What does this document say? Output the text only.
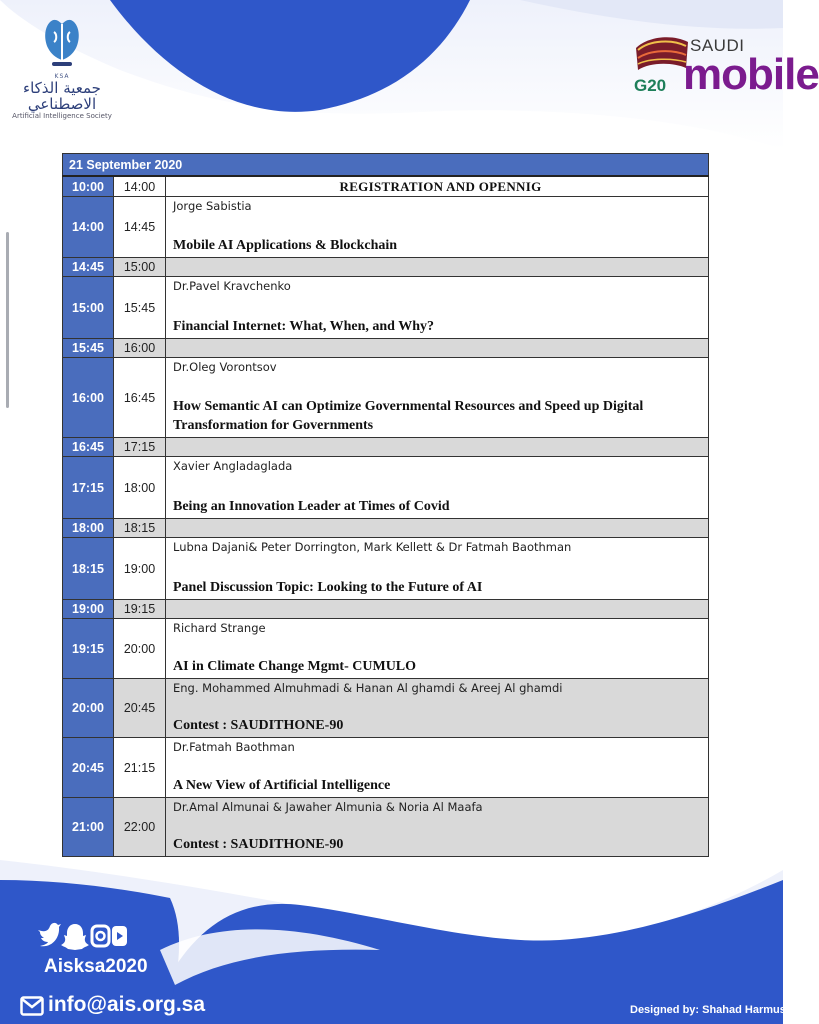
KSA
جمعية الذكاء الاصطناعي
Artificial Intelligence Society
SAUDI
mobile
G20
21 September 2020		
10:00	14:00	REGISTRATION AND OPENNIG

14:00	14:45	Jorge Sabistia
Mobile AI Applications & Blockchain

14:45	15:00	
15:00	15:45	Dr.Pavel Kravchenko
Financial Internet: What, When, and Why?

15:45	16:00	
16:00	16:45	Dr.Oleg Vorontsov
How Semantic AI can Optimize Governmental Resources and Speed up Digital Transformation for Governments

16:45	17:15	
17:15	18:00	Xavier Angladaglada
Being an Innovation Leader at Times of Covid

18:00	18:15	
18:15	19:00	Lubna Dajani& Peter Dorrington, Mark Kellett & Dr Fatmah Baothman
Panel Discussion Topic: Looking to the Future of AI

19:00	19:15	
19:15	20:00	Richard Strange
AI in Climate Change Mgmt- CUMULO

20:00	20:45	Eng. Mohammed Almuhmadi & Hanan Al ghamdi & Areej Al ghamdi
Contest : SAUDITHONE-90

20:45	21:15	Dr.Fatmah Baothman
A New View of Artificial Intelligence

21:00	22:00	Dr.Amal Almunai & Jawaher Almunia & Noria Al Maafa
Contest : SAUDITHONE-90
Aisksa2020
info@ais.org.sa	Designed by: Shahad Harmush
